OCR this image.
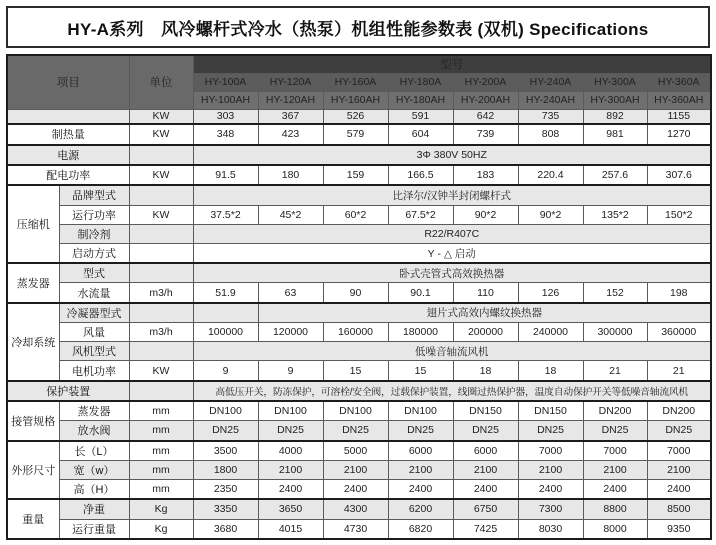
HY-A系列　风冷螺杆式冷水（热泵）机组性能参数表 (双机) Specifications
项目		单位	型号							
			HY-100A	HY-120A	HY-160A	HY-180A	HY-200A	HY-240A	HY-300A	HY-360A
			HY-100AH	HY-120AH	HY-160AH	HY-180AH	HY-200AH	HY-240AH	HY-300AH	HY-360AH
		KW	303	367	526	591	642	735	892	1155
制热量		KW	348	423	579	604	739	808	981	1270
电源			3Φ 380V 50HZ							
配电功率		KW	91.5	180	159	166.5	183	220.4	257.6	307.6
压缩机	品牌型式		比泽尔/汉钟半封闭螺杆式							
	运行功率	KW	37.5*2	45*2	60*2	67.5*2	90*2	90*2	135*2	150*2
	制冷剂		R22/R407C							
	启动方式		Y - △ 启动							
蒸发器	型式		卧式壳管式高效换热器							
	水流量	m3/h	51.9	63	90	90.1	110	126	152	198
冷却系统	冷凝器型式			翅片式高效内螺纹换热器						
	风量	m3/h	100000	120000	160000	180000	200000	240000	300000	360000
	风机型式		低噪音轴流风机							
	电机功率	KW	9	9	15	15	18	18	21	21
保护装置			高低压开关，防冻保护，可溶栓/安全阀，过载保护装置，线圈过热保护器，温度自动保护开关等低噪音轴流风机							
接管规格	蒸发器	mm	DN100	DN100	DN100	DN100	DN150	DN150	DN200	DN200
	放水阀	mm	DN25	DN25	DN25	DN25	DN25	DN25	DN25	DN25
外形尺寸	长（L）	mm	3500	4000	5000	6000	6000	7000	7000	7000
	宽（w）	mm	1800	2100	2100	2100	2100	2100	2100	2100
	高（H）	mm	2350	2400	2400	2400	2400	2400	2400	2400
重量	净重	Kg	3350	3650	4300	6200	6750	7300	8800	8500
	运行重量	Kg	3680	4015	4730	6820	7425	8030	8000	9350
